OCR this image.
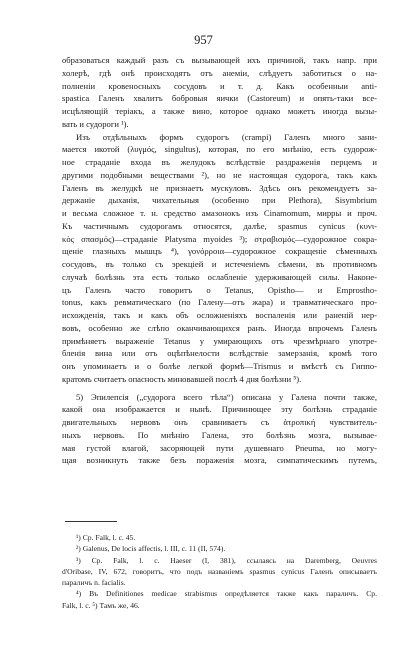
957
образоваться каждый разъ съ вызывающей ихъ причиной, такъ напр. при
холерѣ, гдѣ онѣ происходятъ отъ анеміи, слѣдуетъ заботиться о на-
полненіи кровеносныхъ сосудовъ и т. д. Какъ особенныи anti-
spastica Галенъ хвалитъ бобровыя яички (Castoreum) и опять-таки все-
исцѣляющій теріакъ, а также вино, которое однако можетъ иногда вызы-
вать и судороги ¹).
Изъ отдѣльныхъ формъ судорогъ (crampi) Галенъ много зани-
мается икотой (λυγμός, singultus), которая, по его мнѣнію, есть судорож-
ное страданіе входа въ желудокъ вслѣдствіе раздраженія перцемъ и
другими подобными веществами ²), но не настоящая судорога, такъ какъ
Галенъ въ желудкѣ не признаетъ мускуловъ. Здѣсь онъ рекомендуетъ за-
держаніе дыханія, чихательныя (особенно при Plethora), Sisymbrium
и весьма сложное т. н. средство амазонокъ изъ Cinamomum, мирры и проч.
Къ частичнымъ судорогамъ относятся, далѣе, spasmus cynicus (κυνι-
κὸς σπασμός)—страданіе Platysma myoides ³); στραβισμός—судорожное сокра-
щеніе глазныхъ мышцъ ⁴), γονόρροια—судорожное сокращеніе сѣменныхъ
сосудовъ, въ только съ эрекціей и истеченіемъ сѣмени, въ противномъ
случаѣ болѣзнь эта есть только ослабленіе удерживающей силы. Наконе-
цъ Галенъ часто говоритъ о Tetanus, Opistho— и Emprostho-
tonus, какъ ревматическаго (по Галену—отъ жара) и травматическаго про-
исхожденія, такъ и какъ объ осложненіяхъ воспаленія или раненій нер-
вовъ, особенно же слѣпо оканчивающихся ранъ. Иногда впрочемъ Галенъ
примѣняетъ выраженіе Tetanus у умирающихъ отъ чрезмѣрнаго употре-
бленія вина или отъ оцѣпѣнелости вслѣдствіе замерзанія, кромѣ того
онъ упоминаетъ и о болѣе легкой формѣ—Trismus и вмѣстѣ съ Гиппо-
кратомъ считаетъ опасность миновавшей послѣ 4 дня болѣзни ⁵).
5) Эпилепсія („судорога всего тѣла“) описана у Галена почти также,
какой она изображается и нынѣ. Причинющее эту болѣзнь страданіе
двигательныхъ нервовъ онъ сравниваетъ съ ἀτροπική чувствитель-
ныхъ нервовъ. По мнѣнію Галена, это болѣзнь мозга, вызывае-
мая густой влагой, засоряющей пути душевнаго Pneuma, но могу-
щая возникнуть также безъ пораженія мозга, симпатическимъ путемъ,
¹) Cp. Falk, l. c. 45.
²) Galenus, De locis affectis, l. III, c. 11 (II, 574).
³) Cp. Falk, l. c. Haeser (I, 381), ссылаясь на Daremberg, Oeuvres
d'Oribase, IV, 672, говоритъ, что подъ названіемъ spasmus cynicus Галенъ описываетъ
параличъ n. facialis.
⁴) Въ Definitiones medicae strabismus опредѣляется также какъ параличъ. Cp.
Falk, l. c. ⁵) Тамъ же, 46.
